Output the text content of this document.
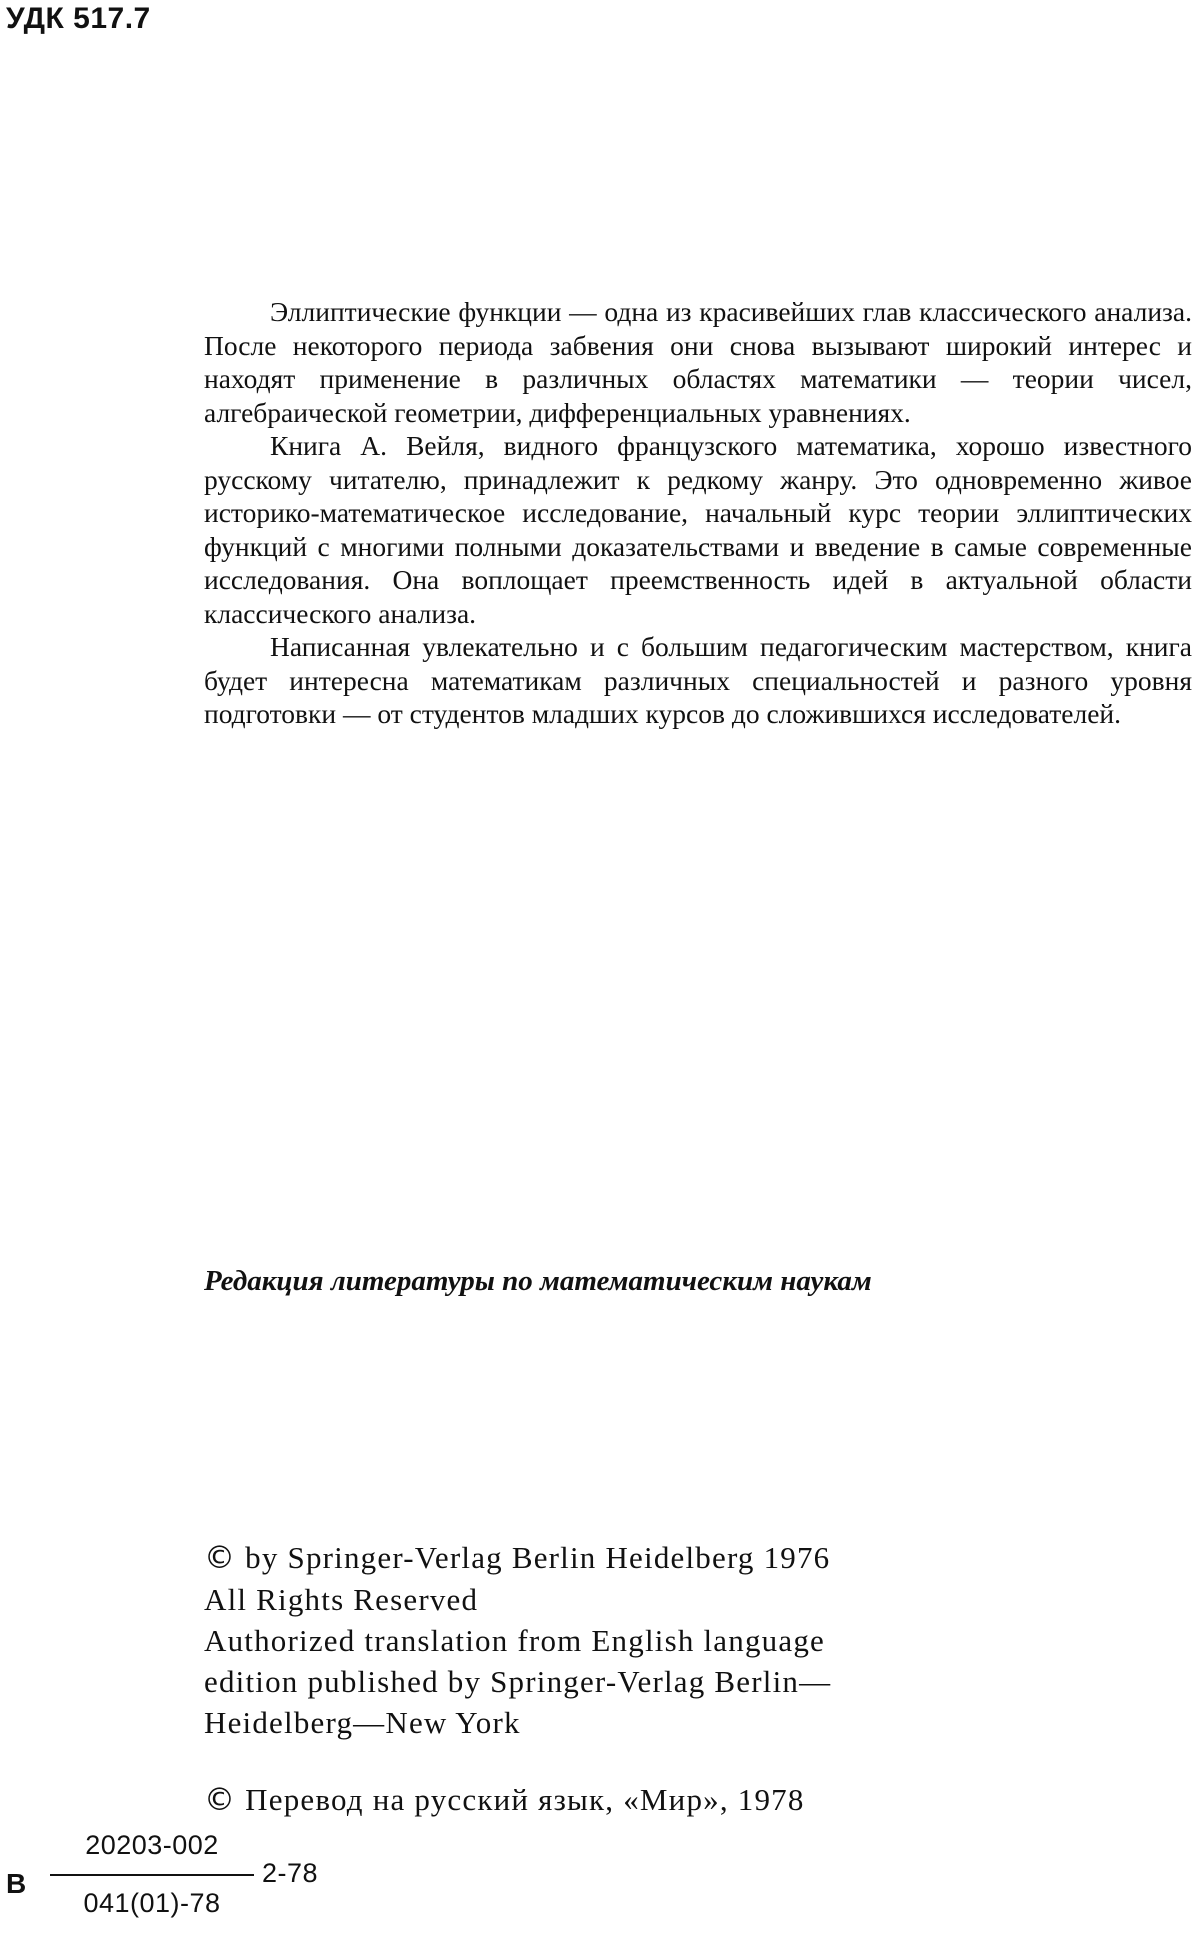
УДК 517.7

Эллиптические функции — одна из красивейших глав классического анализа. После некоторого периода забвения они снова вызывают широкий интерес и находят применение в различных областях математики — теории чисел, алгебраической геометрии, дифференциальных уравнениях.

Книга А. Вейля, видного французского математика, хорошо известного русскому читателю, принадлежит к редкому жанру. Это одновременно живое историко-математическое исследование, начальный курс теории эллиптических функций с многими полными доказательствами и введение в самые современные исследования. Она воплощает преемственность идей в актуальной области классического анализа.

Написанная увлекательно и с большим педагогическим мастерством, книга будет интересна математикам различных специальностей и разного уровня подготовки — от студентов младших курсов до сложившихся исследователей.

Редакция литературы по математическим наукам
© by Springer-Verlag Berlin Heidelberg 1976
All Rights Reserved
Authorized translation from English language
edition published by Springer-Verlag Berlin—
Heidelberg—New York
© Перевод на русский язык, «Мир», 1978
В
20203-002
041(01)-78
2-78
